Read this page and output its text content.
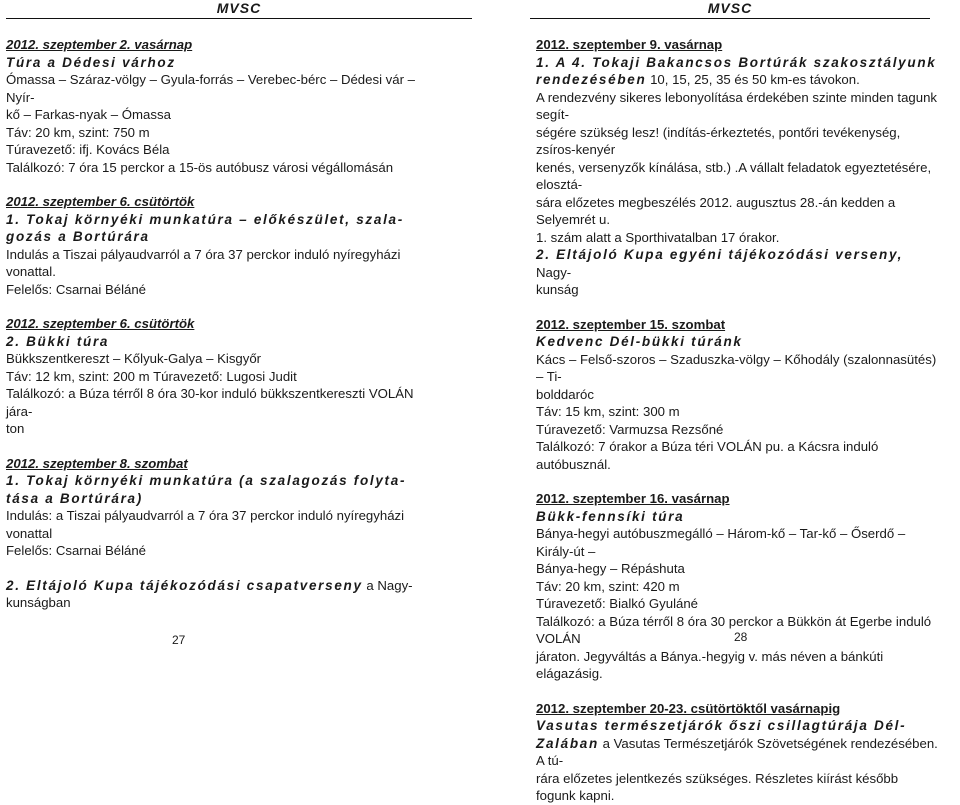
MVSC
2012. szeptember 2. vasárnap
Túra a Dédesi várhoz
Ómassa – Száraz-völgy – Gyula-forrás – Verebec-bérc – Dédesi vár – Nyír-
kő – Farkas-nyak – Ómassa
Táv: 20 km, szint: 750 m
Túravezető: ifj. Kovács Béla
Találkozó: 7 óra 15 perckor a 15-ös autóbusz városi végállomásán
2012. szeptember 6. csütörtök
1. Tokaj környéki munkatúra – előkészület, szala-
gozás a Bortúrára
Indulás a Tiszai pályaudvarról a 7 óra 37 perckor induló nyíregyházi vonattal.
Felelős: Csarnai Béláné
2012. szeptember 6. csütörtök
2. Bükki túra
Bükkszentkereszt – Kőlyuk-Galya – Kisgyőr
Táv: 12 km, szint: 200 m Túravezető: Lugosi Judit
Találkozó: a Búza térről 8 óra 30-kor induló bükkszentkereszti VOLÁN jára-
ton
2012. szeptember 8. szombat
1. Tokaj környéki munkatúra (a szalagozás folyta-
tása a Bortúrára)
Indulás: a Tiszai pályaudvarról a 7 óra 37 perckor induló nyíregyházi vonattal
Felelős: Csarnai Béláné
2. Eltájoló Kupa tájékozódási csapatverseny a Nagy-
kunságban
27
MVSC
2012. szeptember 9. vasárnap
1. A 4. Tokaji Bakancsos Bortúrák szakosztályunk
rendezésében 10, 15, 25, 35 és 50 km-es távokon.
A rendezvény sikeres lebonyolítása érdekében szinte minden tagunk segít-
ségére szükség lesz! (indítás-érkeztetés, pontőri tevékenység, zsíros-kenyér
kenés, versenyzők kínálása, stb.) .A vállalt feladatok egyeztetésére, elosztá-
sára előzetes megbeszélés 2012. augusztus 28.-án kedden a Selyemrét u.
1. szám alatt a Sporthivatalban 17 órakor.
2. Eltájoló Kupa egyéni tájékozódási verseny, Nagy-
kunság
2012. szeptember 15. szombat
Kedvenc Dél-bükki túránk
Kács – Felső-szoros – Szaduszka-völgy – Kőhodály (szalonnasütés) – Ti-
bolddaróc
Táv: 15 km, szint: 300 m
Túravezető: Varmuzsa Rezsőné
Találkozó: 7 órakor a Búza téri VOLÁN pu. a Kácsra induló autóbusznál.
2012. szeptember 16. vasárnap
Bükk-fennsíki túra
Bánya-hegyi autóbuszmegálló – Három-kő – Tar-kő – Őserdő – Király-út –
Bánya-hegy – Répáshuta
Táv: 20 km, szint: 420 m
Túravezető: Bialkó Gyuláné
Találkozó: a Búza térről 8 óra 30 perckor a Bükkön át Egerbe induló VOLÁN
járaton. Jegyváltás a Bánya.-hegyig v. más néven a bánkúti elágazásig.
2012. szeptember 20-23. csütörtöktől vasárnapig
Vasutas természetjárók őszi csillagtúrája Dél-
Zalában a Vasutas Természetjárók Szövetségének rendezésében. A tú-
rára előzetes jelentkezés szükséges. Részletes kiírást később fogunk kapni.
28
